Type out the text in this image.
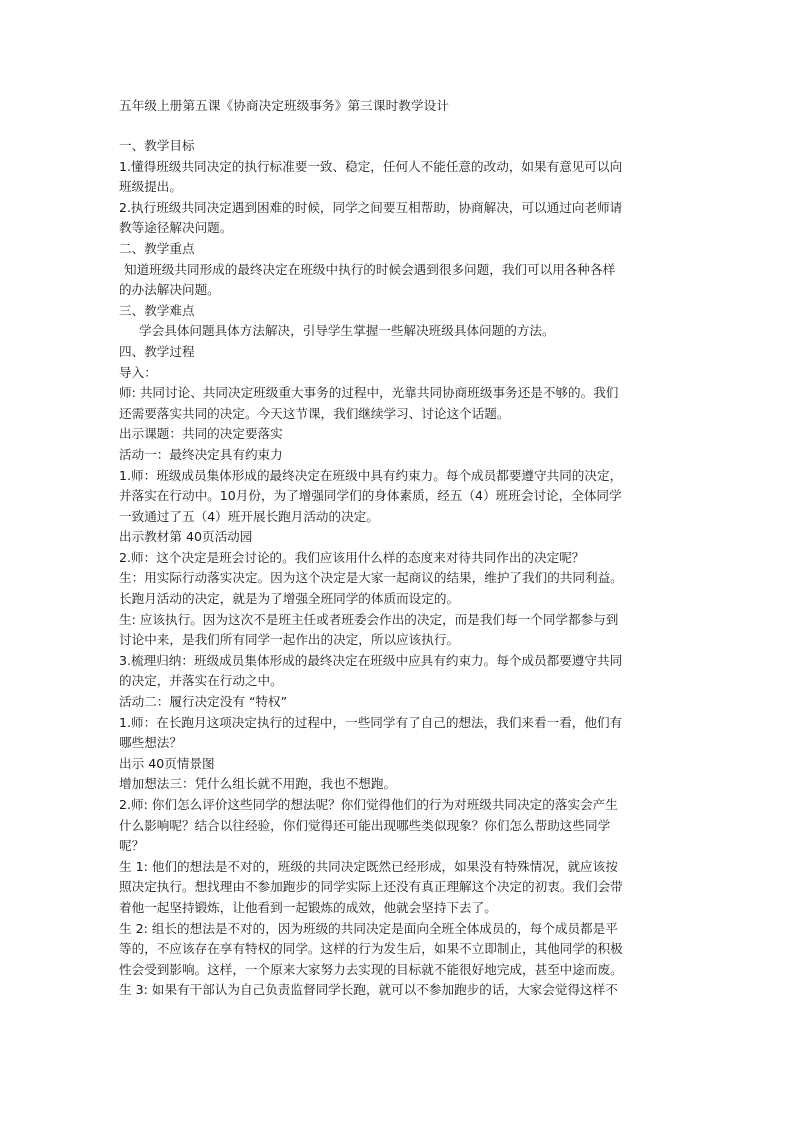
五年级上册第五课《协商决定班级事务》第三课时教学设计

一、教学目标

1.懂得班级共同决定的执行标准要一致、稳定，任何人不能任意的改动，如果有意见可以向

班级提出。

2.执行班级共同决定遇到困难的时候，同学之间要互相帮助，协商解决，可以通过向老师请

教等途径解决问题。

二、教学重点

知道班级共同形成的最终决定在班级中执行的时候会遇到很多问题，我们可以用各种各样

的办法解决问题。

三、教学难点

学会具体问题具体方法解决，引导学生掌握一些解决班级具体问题的方法。

四、教学过程

导入：

师: 共同讨论、共同决定班级重大事务的过程中，光靠共同协商班级事务还是不够的。我们

还需要落实共同的决定。今天这节课，我们继续学习、讨论这个话题。

出示课题：共同的决定要落实

活动一：最终决定具有约束力

1.师：班级成员集体形成的最终决定在班级中具有约束力。每个成员都要遵守共同的决定，

并落实在行动中。10月份，为了增强同学们的身体素质，经五（4）班班会讨论，全体同学

一致通过了五（4）班开展长跑月活动的决定。

出示教材第 40页活动园

2.师：这个决定是班会讨论的。我们应该用什么样的态度来对待共同作出的决定呢？

生：用实际行动落实决定。因为这个决定是大家一起商议的结果，维护了我们的共同利益。

长跑月活动的决定，就是为了增强全班同学的体质而设定的。

生: 应该执行。因为这次不是班主任或者班委会作出的决定，而是我们每一个同学都参与到

讨论中来，是我们所有同学一起作出的决定，所以应该执行。

3.梳理归纳：班级成员集体形成的最终决定在班级中应具有约束力。每个成员都要遵守共同

的决定，并落实在行动之中。

活动二：履行决定没有 “特权”

1.师：在长跑月这项决定执行的过程中，一些同学有了自己的想法，我们来看一看，他们有

哪些想法？

出示 40页情景图

增加想法三：凭什么组长就不用跑，我也不想跑。

2.师: 你们怎么评价这些同学的想法呢？你们觉得他们的行为对班级共同决定的落实会产生

什么影响呢？结合以往经验，你们觉得还可能出现哪些类似现象？你们怎么帮助这些同学

呢？

生 1: 他们的想法是不对的，班级的共同决定既然已经形成，如果没有特殊情况，就应该按

照决定执行。想找理由不参加跑步的同学实际上还没有真正理解这个决定的初衷。我们会带

着他一起坚持锻炼，让他看到一起锻炼的成效，他就会坚持下去了。

生 2: 组长的想法是不对的，因为班级的共同决定是面向全班全体成员的，每个成员都是平

等的，不应该存在享有特权的同学。这样的行为发生后，如果不立即制止，其他同学的积极

性会受到影响。这样，一个原来大家努力去实现的目标就不能很好地完成，甚至中途而废。

生 3: 如果有干部认为自己负责监督同学长跑，就可以不参加跑步的话，大家会觉得这样不
